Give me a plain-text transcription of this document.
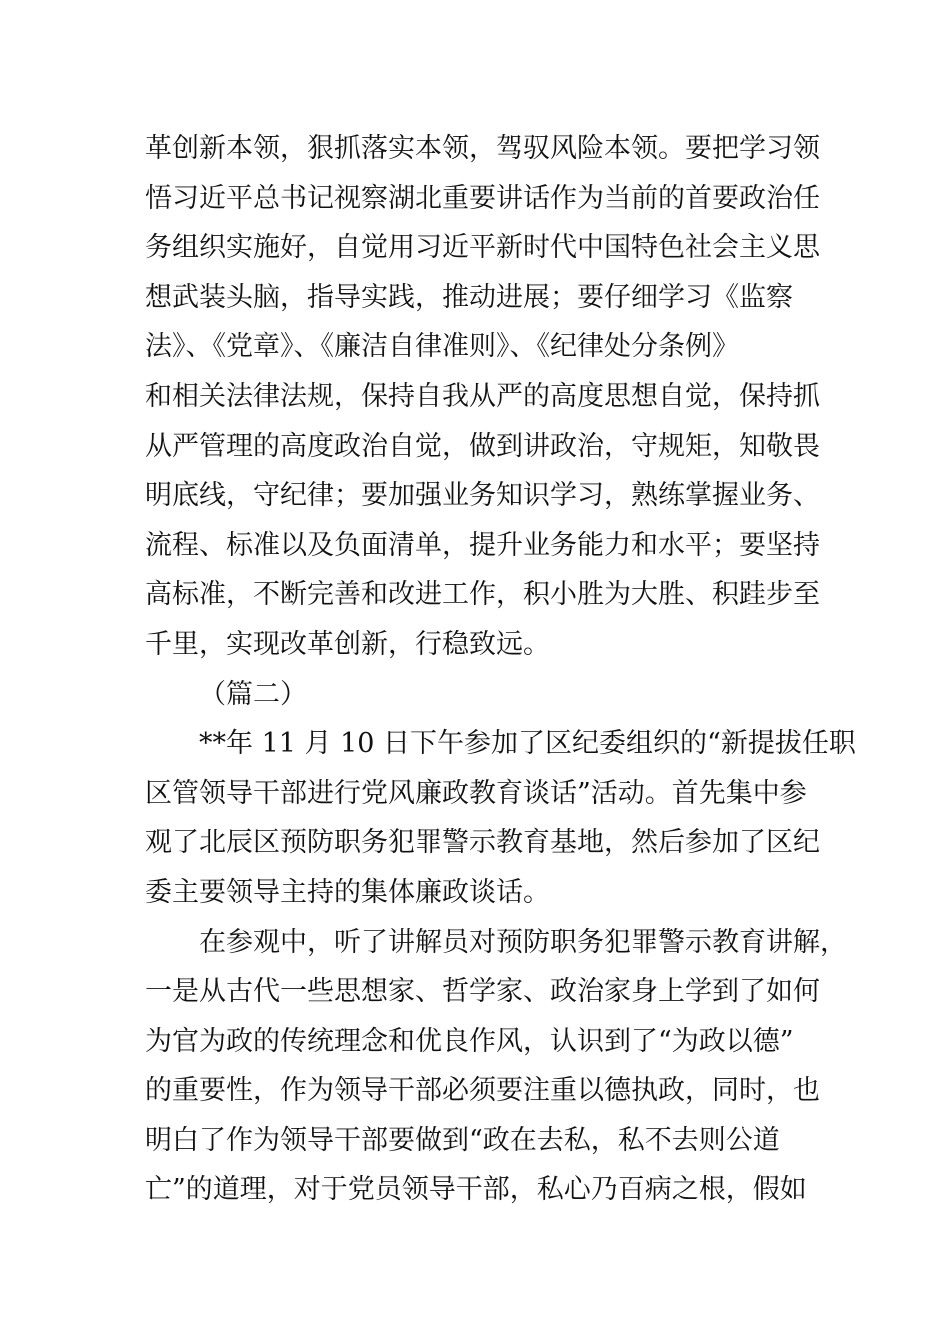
革创新本领，狠抓落实本领，驾驭风险本领。要把学习领
悟习近平总书记视察湖北重要讲话作为当前的首要政治任
务组织实施好，自觉用习近平新时代中国特色社会主义思
想武装头脑，指导实践，推动进展；要仔细学习《监察
法》、《党章》、《廉洁自律准则》、《纪律处分条例》
和相关法律法规，保持自我从严的高度思想自觉，保持抓
从严管理的高度政治自觉，做到讲政治，守规矩，知敬畏
明底线，守纪律；要加强业务知识学习，熟练掌握业务、
流程、标准以及负面清单，提升业务能力和水平；要坚持
高标准，不断完善和改进工作，积小胜为大胜、积跬步至
千里，实现改革创新，行稳致远。
（篇二）
**年 11 月 10 日下午参加了区纪委组织的“新提拔任职
区管领导干部进行党风廉政教育谈话”活动。首先集中参
观了北辰区预防职务犯罪警示教育基地，然后参加了区纪
委主要领导主持的集体廉政谈话。
在参观中，听了讲解员对预防职务犯罪警示教育讲解，
一是从古代一些思想家、哲学家、政治家身上学到了如何
为官为政的传统理念和优良作风，认识到了“为政以德”
的重要性，作为领导干部必须要注重以德执政，同时，也
明白了作为领导干部要做到“政在去私，私不去则公道
亡”的道理，对于党员领导干部，私心乃百病之根，假如
